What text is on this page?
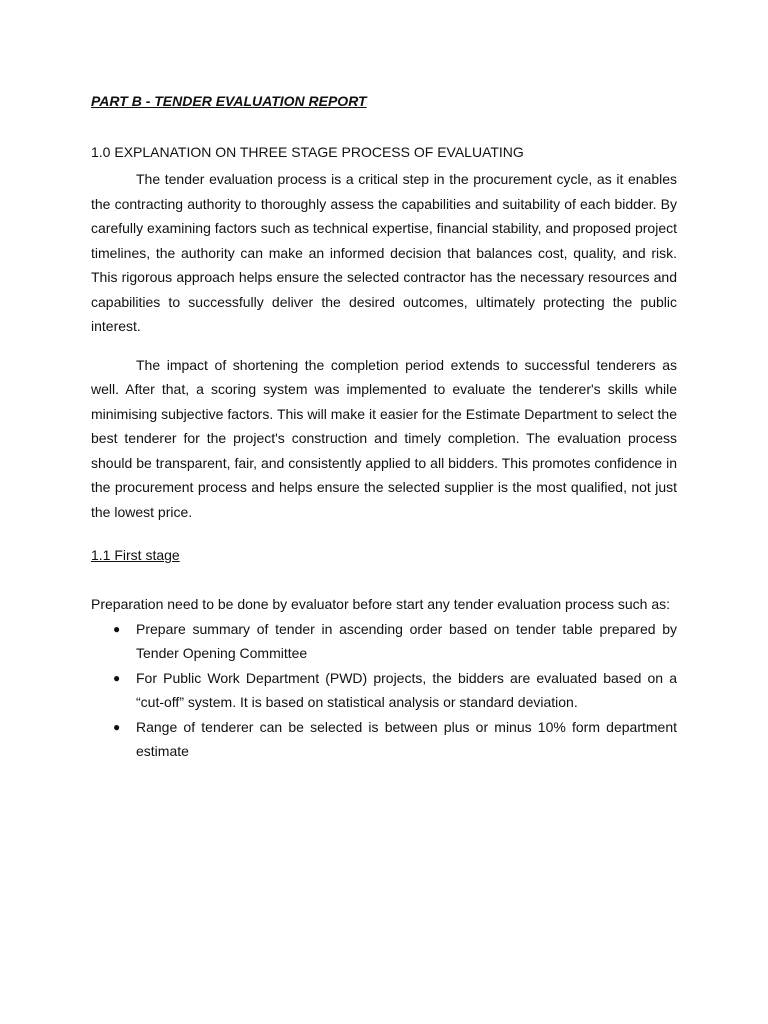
PART B - TENDER EVALUATION REPORT

1.0 EXPLANATION ON THREE STAGE PROCESS OF EVALUATING

The tender evaluation process is a critical step in the procurement cycle, as it enables the contracting authority to thoroughly assess the capabilities and suitability of each bidder. By carefully examining factors such as technical expertise, financial stability, and proposed project timelines, the authority can make an informed decision that balances cost, quality, and risk. This rigorous approach helps ensure the selected contractor has the necessary resources and capabilities to successfully deliver the desired outcomes, ultimately protecting the public interest.

The impact of shortening the completion period extends to successful tenderers as well. After that, a scoring system was implemented to evaluate the tenderer's skills while minimising subjective factors. This will make it easier for the Estimate Department to select the best tenderer for the project's construction and timely completion. The evaluation process should be transparent, fair, and consistently applied to all bidders. This promotes confidence in the procurement process and helps ensure the selected supplier is the most qualified, not just the lowest price.

1.1 First stage

Preparation need to be done by evaluator before start any tender evaluation process such as:

● Prepare summary of tender in ascending order based on tender table prepared by Tender Opening Committee
● For Public Work Department (PWD) projects, the bidders are evaluated based on a “cut-off” system. It is based on statistical analysis or standard deviation.
● Range of tenderer can be selected is between plus or minus 10% form department estimate
